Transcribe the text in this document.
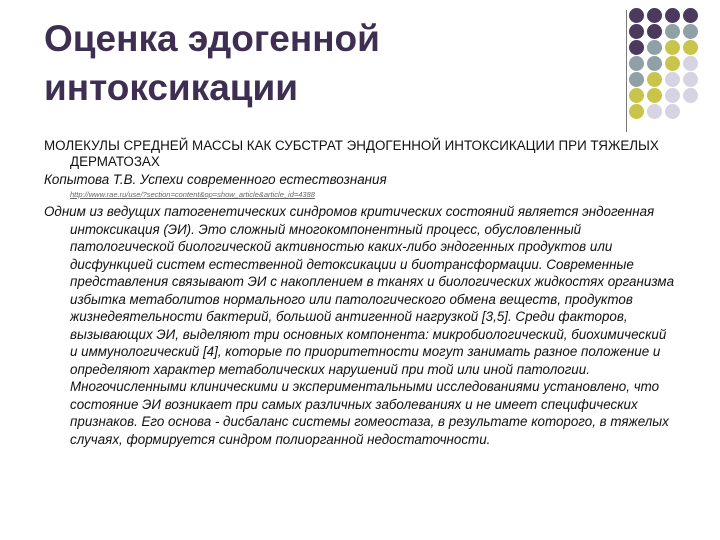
Оценка эдогенной интоксикации

МОЛЕКУЛЫ СРЕДНЕЙ МАССЫ КАК СУБСТРАТ ЭНДОГЕННОЙ ИНТОКСИКАЦИИ ПРИ ТЯЖЕЛЫХ ДЕРМАТОЗАХ

Копытова Т.В. Успехи современного естествознания

http://www.rae.ru/use/?section=content&op=show_article&article_id=4388

Одним из ведущих патогенетических синдромов критических состояний является эндогенная интоксикация (ЭИ). Это сложный многокомпонентный процесс, обусловленный патологической биологической активностью каких-либо эндогенных продуктов или дисфункцией систем естественной детоксикации и биотрансформации. Современные представления связывают ЭИ с накоплением в тканях и биологических жидкостях организма избытка метаболитов нормального или патологического обмена веществ, продуктов жизнедеятельности бактерий, большой антигенной нагрузкой [3,5]. Среди факторов, вызывающих ЭИ, выделяют три основных компонента: микробиологический, биохимический и иммунологический [4], которые по приоритетности могут занимать разное положение и определяют характер метаболических нарушений при той или иной патологии. Многочисленными клиническими и экспериментальными исследованиями установлено, что состояние ЭИ возникает при самых различных заболеваниях и не имеет специфических признаков. Его основа - дисбаланс системы гомеостаза, в результате которого, в тяжелых случаях, формируется синдром полиорганной недостаточности.
